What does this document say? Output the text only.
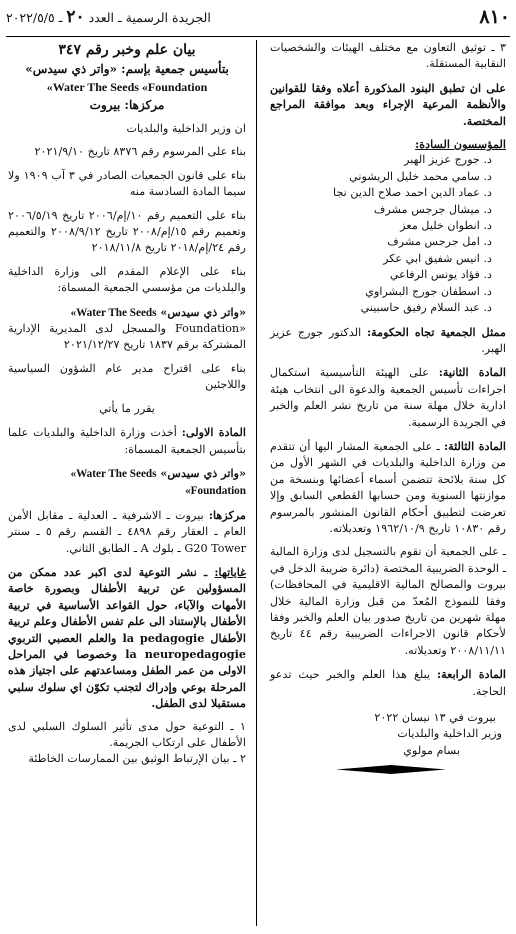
٨١٠
الجريدة الرسمية ـ العدد ٢٠ ـ ٢٠٢٢/٥/٥

٣ ـ توثيق التعاون مع مختلف الهيئات والشخصيات النقابية المستقلة.

على ان تطبق البنود المذكورة أعلاه وفقا للقوانين والأنظمة المرعية الإجراء وبعد موافقة المراجع المختصة.

المؤسسون السادة:

د. جورج عزيز الهبر
د. سامي محمد خليل الريشوني
د. عماد الدين احمد صلاح الدين نجا
د. ميشال جرجس مشرف
د. انطوان خليل معز
د. امل جرجس مشرف
د. انيس شفيق ابي عكر
د. فؤاد يونس الرفاعي
د. اسطفان جورج البشراوي
د. عبد السلام رفيق حاسبيني

ممثل الجمعية تجاه الحكومة: الدكتور جورج عزيز الهبر.

المادة الثانية: على الهيئة التأسيسية استكمال اجراءات تأسيس الجمعية والدعوة الى انتخاب هيئة ادارية خلال مهلة سنة من تاريخ نشر العلم والخبر في الجريدة الرسمية.

المادة الثالثة: ـ على الجمعية المشار اليها أن تتقدم من وزارة الداخلية والبلديات في الشهر الأول من كل سنة بلائحة تتضمن أسماء أعضائها وبنسخة من موازنتها السنوية ومن حسابها القطعي السابق وإلا تعرضت لتطبيق أحكام القانون المنشور بالمرسوم رقم ١٠٨٣٠ تاريخ ١٩٦٢/١٠/٩ وتعديلاته.

ـ على الجمعية أن تقوم بالتسجيل لدى وزارة المالية ـ الوحدة الضريبية المختصة (دائرة ضريبة الدخل في بيروت والمصالح المالية الاقليمية في المحافظات) وفقا للنموذج المُعدّ من قبل وزارة المالية خلال مهلة شهرين من تاريخ صدور بيان العلم والخبر وفقا لأحكام قانون الاجراءات الضريبية رقم ٤٤ تاريخ ٢٠٠٨/١١/١١ وتعديلاته.

المادة الرابعة: يبلغ هذا العلم والخبر حيث تدعو الحاجة.

بيروت في ١٣ نيسان ٢٠٢٢

وزير الداخلية والبلديات

بسام مولوي

بيان علم وخبر رقم ٣٤٧

بتأسيس جمعية بإسم: «واتر ذي سيدس»

«Water The Seeds «Foundation

مركزها: بيروت

ان وزير الداخلية والبلديات

بناء على المرسوم رقم ٨٣٧٦ تاريخ ٢٠٢١/٩/١٠

بناء على قانون الجمعيات الصادر في ٣ آب ١٩٠٩ ولا سيما المادة السادسة منه

بناء على التعميم رقم ١٠/إم/٢٠٠٦ تاريخ ٢٠٠٦/٥/١٩ وتعميم رقم ١٥/إم/٢٠٠٨ تاريخ ٢٠٠٨/٩/١٢ والتعميم رقم ٢٤/إم/٢٠١٨ تاريخ ٢٠١٨/١١/٨

بناء على الإعلام المقدم الى وزارة الداخلية والبلديات من مؤسسي الجمعية المسماة:

«واتر ذي سيدس» «Water The Seeds

«Foundation والمسجل لدى المديرية الإدارية المشتركة برقم ١٨٣٧ تاريخ ٢٠٢١/١٢/٢٧

بناء على اقتراح مدير عام الشؤون السياسية واللاجئين

يقرر ما يأتي

المادة الاولى: أخذت وزارة الداخلية والبلديات علما بتأسيس الجمعية المسماة:

«واتر ذي سيدس» «Water The Seeds

«Foundation

مركزها: بيروت ـ الاشرفية ـ العدلية ـ مقابل الأمن العام ـ العقار رقم ٤٨٩٨ ـ القسم رقم ٥ ـ سنتر G20 Tower ـ بلوك A ـ الطابق الثاني.

غاياتها: ـ نشر التوعية لدى اكبر عدد ممكن من المسؤولين عن تربية الأطفال وبصورة خاصة الأمهات والآباء، حول القواعد الأساسية في تربية الأطفال بالإستناد الى علم تفس الأطفال وعلم تربية الأطفال la pedagogie والعلم العصبي التربوي la neuropedagogie وخصوصا في المراحل الاولى من عمر الطفل ومساعدتهم على اجتياز هذه المرحلة بوعي وإدراك لتجنب تكوّن اي سلوك سلبي مستقبلا لدى الطفل.

١ ـ التوعية حول مدى تأثير السلوك السلبي لدى الأطفال على ارتكاب الجريمة.

٢ ـ بيان الإرتباط الوثيق بين الممارسات الخاطئة
